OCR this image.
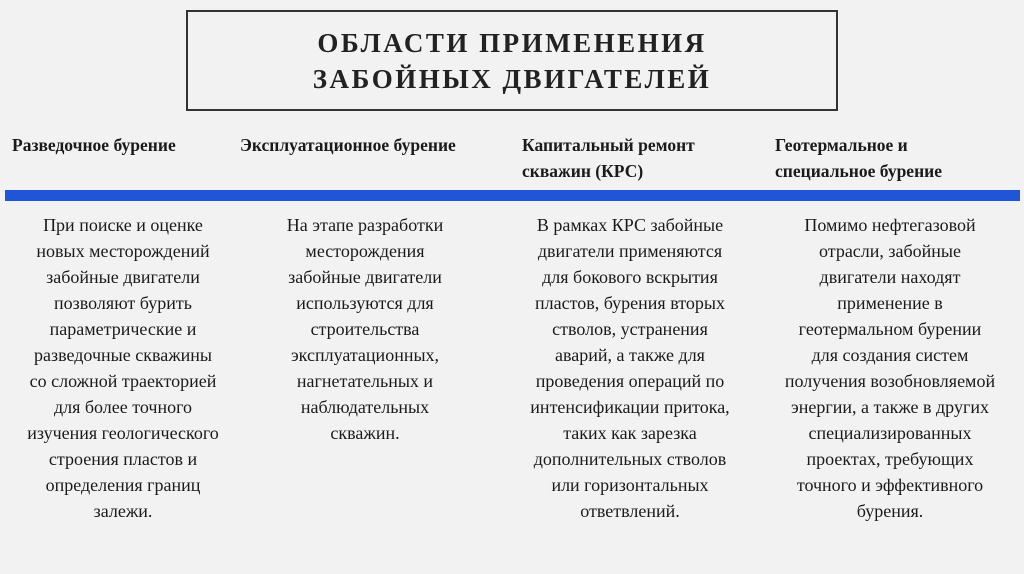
ОБЛАСТИ ПРИМЕНЕНИЯ
ЗАБОЙНЫХ ДВИГАТЕЛЕЙ
Разведочное бурение	Эксплуатационное бурение	Капитальный ремонт
скважин (КРС)
Геотермальное и
специальное бурение
При поиске и оценке
новых месторождений
забойные двигатели
позволяют бурить
параметрические и
разведочные скважины
со сложной траекторией
для более точного
изучения геологического
строения пластов и
определения границ
залежи.
На этапе разработки
месторождения
забойные двигатели
используются для
строительства
эксплуатационных,
нагнетательных и
наблюдательных
скважин.
В рамках КРС забойные
двигатели применяются
для бокового вскрытия
пластов, бурения вторых
стволов, устранения
аварий, а также для
проведения операций по
интенсификации притока,
таких как зарезка
дополнительных стволов
или горизонтальных
ответвлений.
Помимо нефтегазовой
отрасли, забойные
двигатели находят
применение в
геотермальном бурении
для создания систем
получения возобновляемой
энергии, а также в других
специализированных
проектах, требующих
точного и эффективного
бурения.
